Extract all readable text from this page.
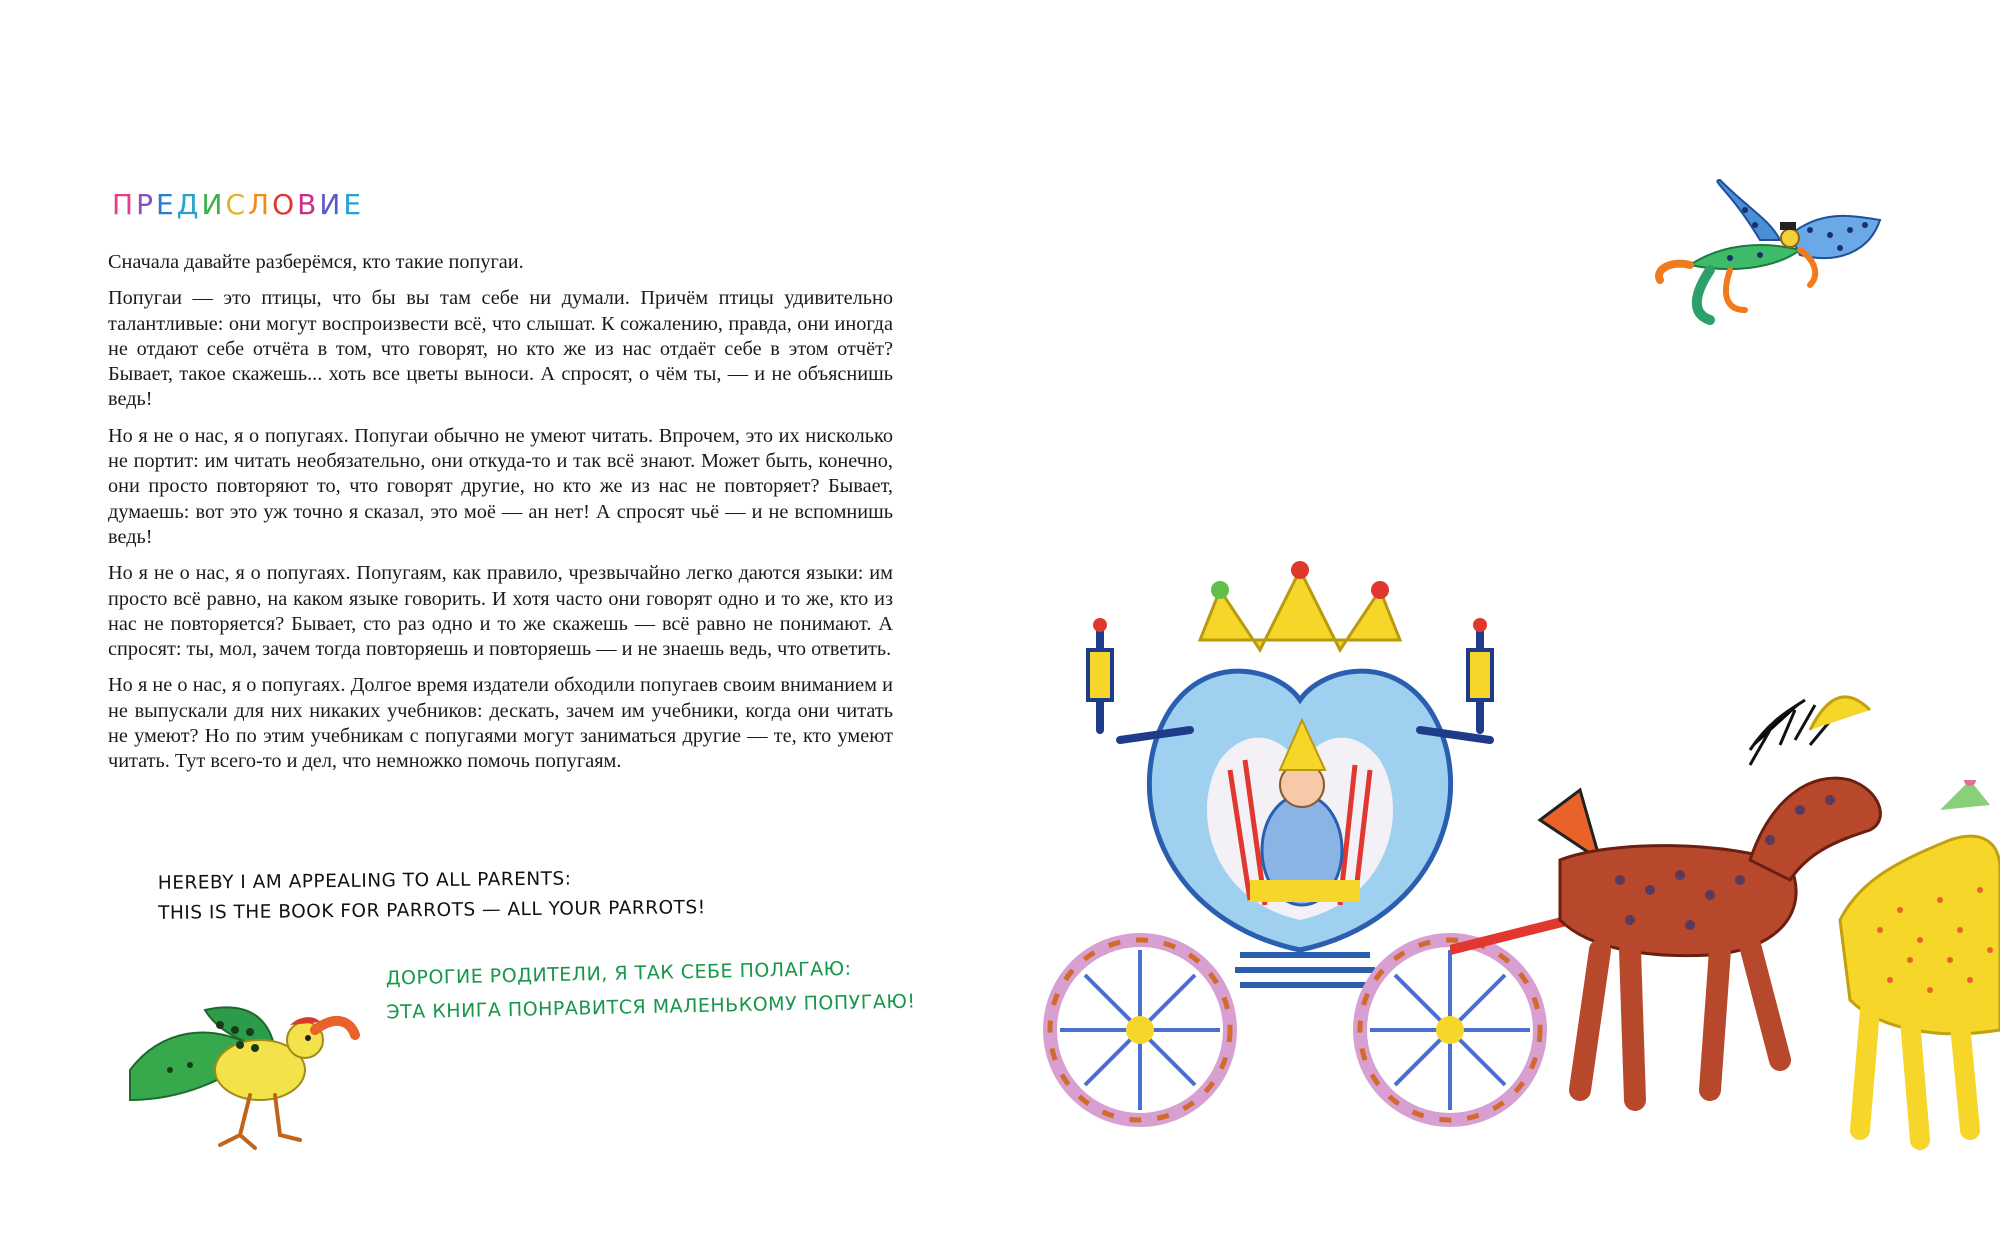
ПРЕДИСЛОВИЕ

Сначала давайте разберёмся, кто такие попугаи.

Попугаи — это птицы, что бы вы там себе ни думали. Причём птицы удивительно талантливые: они могут воспроизвести всё, что слышат. К сожалению, правда, они иногда не отдают себе отчёта в том, что говорят, но кто же из нас отдаёт себе в этом отчёт? Бывает, такое скажешь... хоть все цветы выноси. А спросят, о чём ты, — и не объяснишь ведь!

Но я не о нас, я о попугаях. Попугаи обычно не умеют читать. Впрочем, это их нисколько не портит: им читать необязательно, они откуда-то и так всё знают. Может быть, конечно, они просто повторяют то, что говорят другие, но кто же из нас не повторяет? Бывает, думаешь: вот это уж точно я сказал, это моё — ан нет! А спросят чьё — и не вспомнишь ведь!

Но я не о нас, я о попугаях. Попугаям, как правило, чрезвычайно легко даются языки: им просто всё равно, на каком языке говорить. И хотя часто они говорят одно и то же, кто из нас не повторяется? Бывает, сто раз одно и то же скажешь — всё равно не понимают. А спросят: ты, мол, зачем тогда повторяешь и повторяешь — и не знаешь ведь, что ответить.

Но я не о нас, я о попугаях. Долгое время издатели обходили попугаев своим вниманием и не выпускали для них никаких учебников: дескать, зачем им учебники, когда они читать не умеют? Но по этим учебникам с попугаями могут заниматься другие — те, кто умеют читать. Тут всего-то и дел, что немножко помочь попугаям.

HEREBY I AM APPEALING TO ALL PARENTS:
THIS IS THE BOOK FOR PARROTS — ALL YOUR PARROTS!
ДОРОГИЕ РОДИТЕЛИ, Я ТАК СЕБЕ ПОЛАГАЮ:
ЭТА КНИГА ПОНРАВИТСЯ МАЛЕНЬКОМУ ПОПУГАЮ!
